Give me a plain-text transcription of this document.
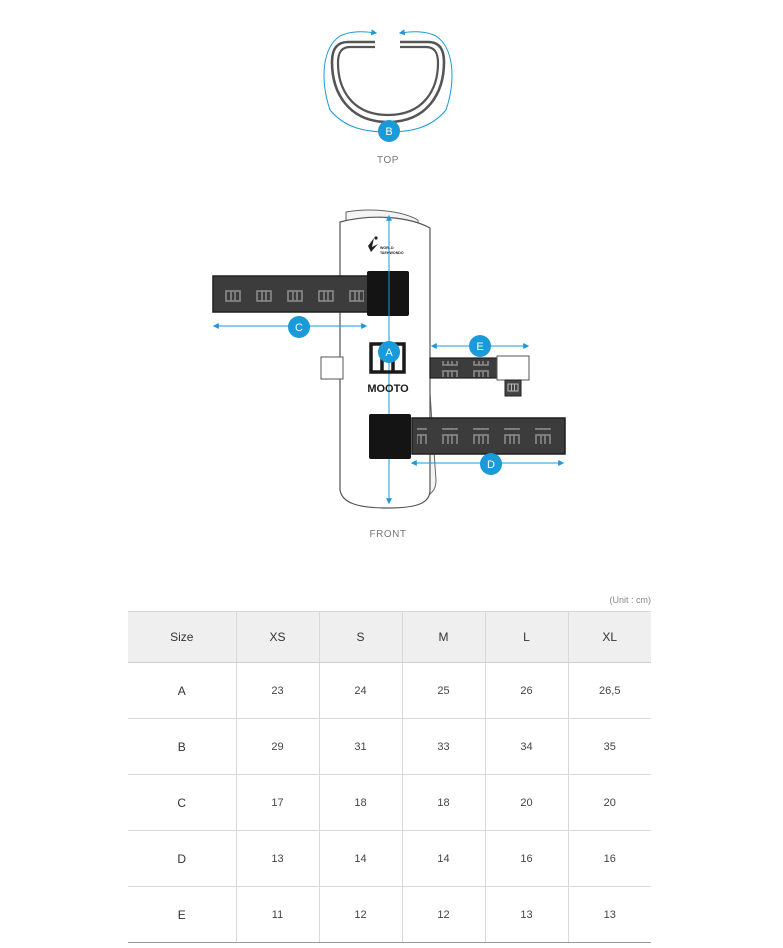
B
TOP
WORLD
TAEKWONDO
C
MOOTO
A	E
D
FRONT
(Unit : cm)
Size	XS	S	M	L	XL
A	23	24	25	26	26,5
B	29	31	33	34	35
C	17	18	18	20	20
D	13	14	14	16	16
E	11	12	12	13	13
